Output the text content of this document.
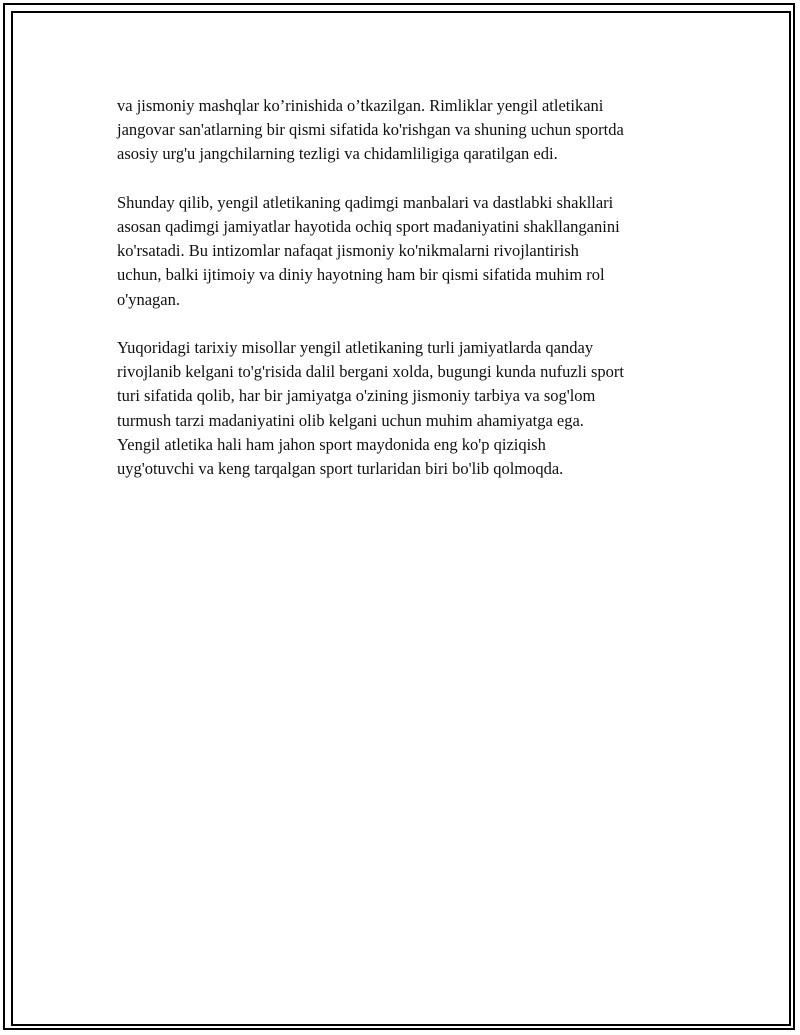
va jismoniy mashqlar ko’rinishida o’tkazilgan. Rimliklar yengil atletikani
jangovar san'atlarning bir qismi sifatida ko'rishgan va shuning uchun sportda
asosiy urg'u jangchilarning tezligi va chidamliligiga qaratilgan edi.

Shunday qilib, yengil atletikaning qadimgi manbalari va dastlabki shakllari
asosan qadimgi jamiyatlar hayotida ochiq sport madaniyatini shakllanganini
ko'rsatadi. Bu intizomlar nafaqat jismoniy ko'nikmalarni rivojlantirish
uchun, balki ijtimoiy va diniy hayotning ham bir qismi sifatida muhim rol
o'ynagan.

Yuqoridagi tarixiy misollar yengil atletikaning turli jamiyatlarda qanday
rivojlanib kelgani to'g'risida dalil bergani xolda, bugungi kunda nufuzli sport
turi sifatida qolib, har bir jamiyatga o'zining jismoniy tarbiya va sog'lom
turmush tarzi madaniyatini olib kelgani uchun muhim ahamiyatga ega.
Yengil atletika hali ham jahon sport maydonida eng ko'p qiziqish
uyg'otuvchi va keng tarqalgan sport turlaridan biri bo'lib qolmoqda.
